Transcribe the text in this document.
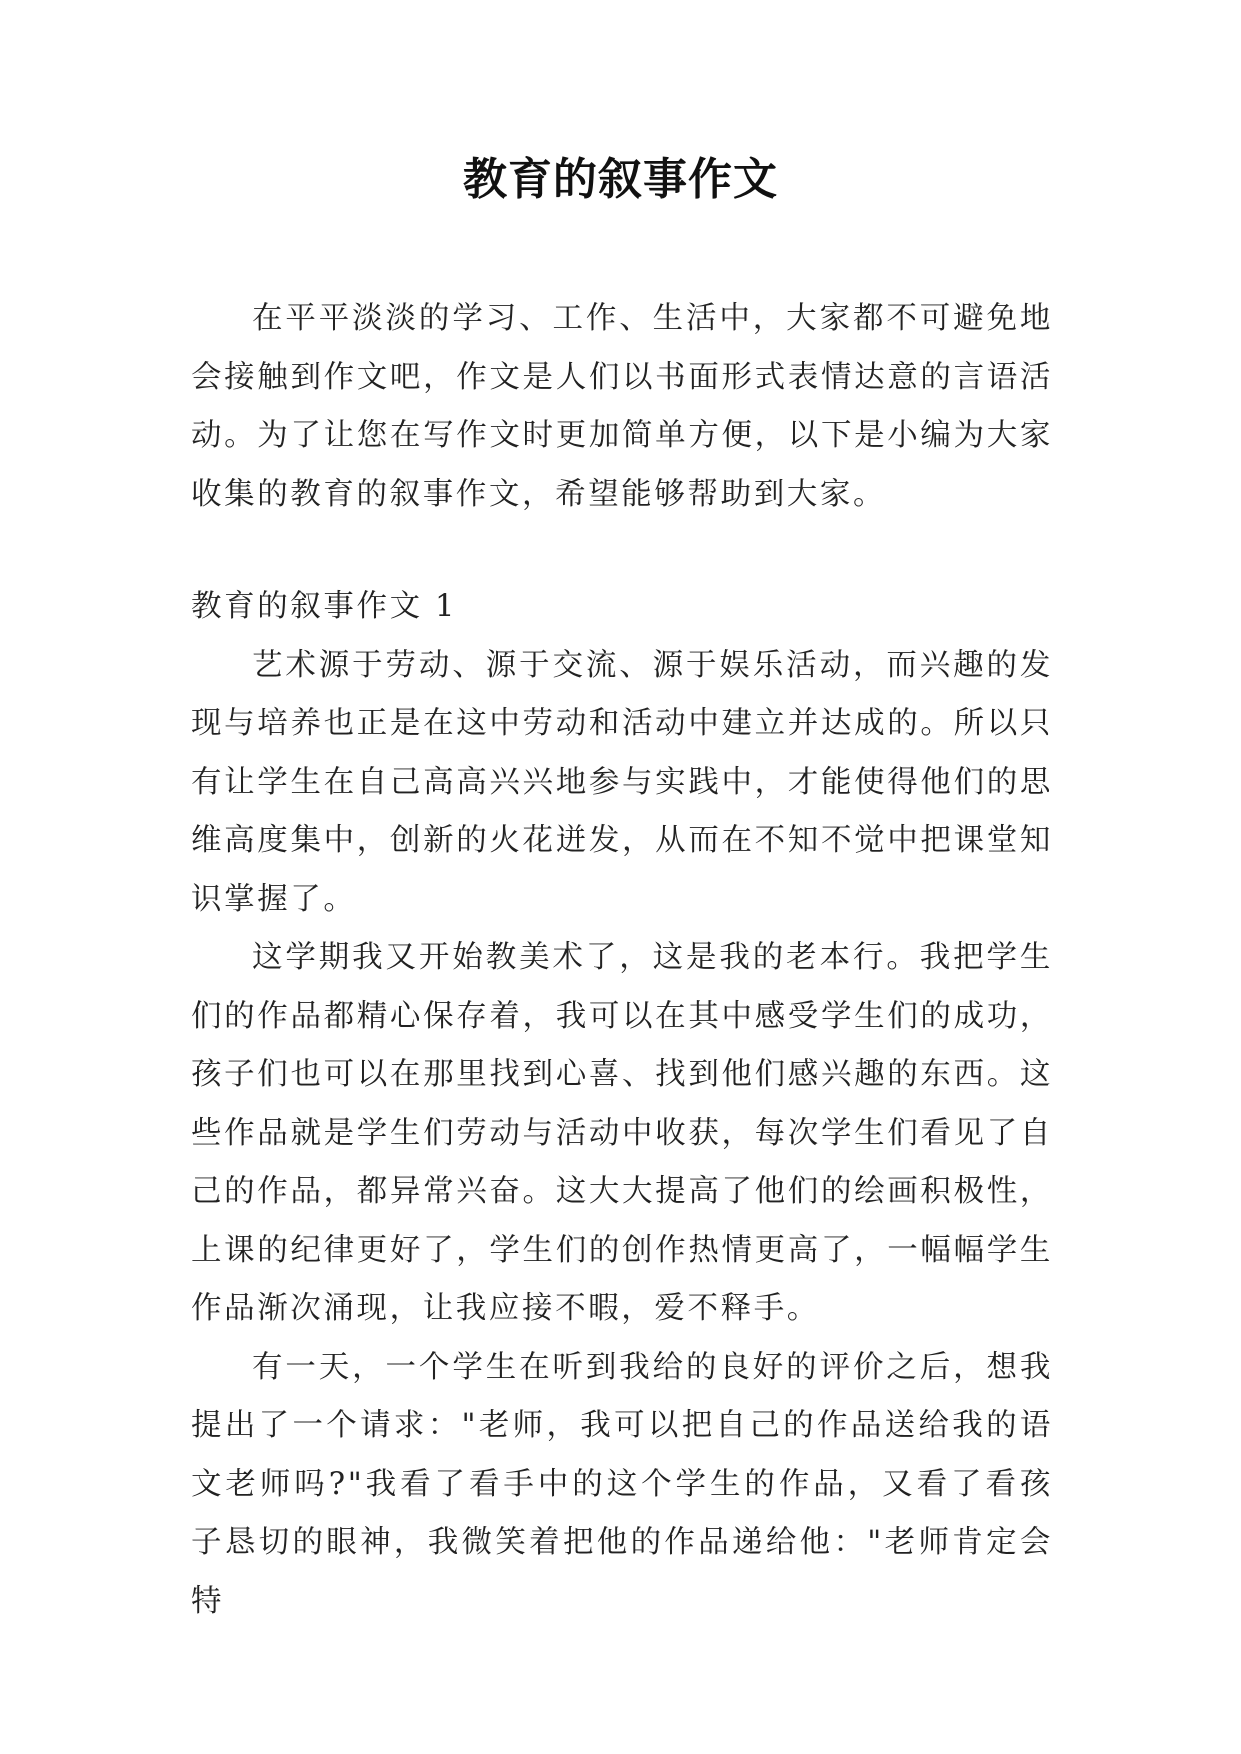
教育的叙事作文

在平平淡淡的学习、工作、生活中，大家都不可避免地会接触到作文吧，作文是人们以书面形式表情达意的言语活动。为了让您在写作文时更加简单方便，以下是小编为大家收集的教育的叙事作文，希望能够帮助到大家。

教育的叙事作文 1

艺术源于劳动、源于交流、源于娱乐活动，而兴趣的发现与培养也正是在这中劳动和活动中建立并达成的。所以只有让学生在自己高高兴兴地参与实践中，才能使得他们的思维高度集中，创新的火花迸发，从而在不知不觉中把课堂知识掌握了。

这学期我又开始教美术了，这是我的老本行。我把学生们的作品都精心保存着，我可以在其中感受学生们的成功，孩子们也可以在那里找到心喜、找到他们感兴趣的东西。这些作品就是学生们劳动与活动中收获，每次学生们看见了自己的作品，都异常兴奋。这大大提高了他们的绘画积极性，上课的纪律更好了，学生们的创作热情更高了，一幅幅学生作品渐次涌现，让我应接不暇，爱不释手。

有一天，一个学生在听到我给的良好的评价之后，想我提出了一个请求："老师，我可以把自己的作品送给我的语文老师吗?"我看了看手中的这个学生的作品，又看了看孩子恳切的眼神，我微笑着把他的作品递给他："老师肯定会特
